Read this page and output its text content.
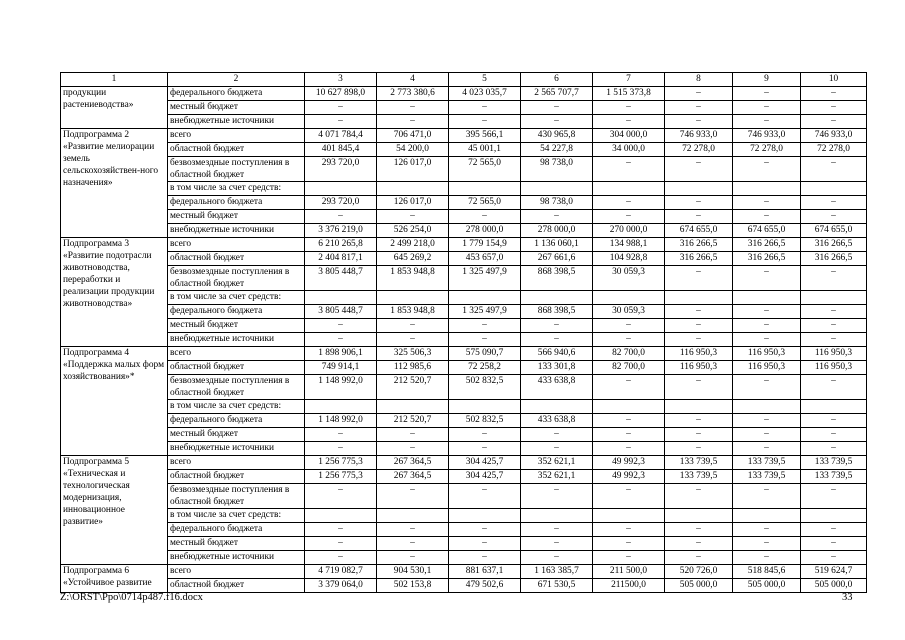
1	2	3	4	5	6	7	8	9	10
продукции растениеводства»	федерального бюджета	10 627 898,0	2 773 380,6	4 023 035,7	2 565 707,7	1 515 373,8	–	–	–
	местный бюджет	–	–	–	–	–	–	–	–
	внебюджетные источники	–	–	–	–	–	–	–	–
Подпрограмма 2 «Развитие мелиорации земель сельскохозяйствен-ного назначения»	всего	4 071 784,4	706 471,0	395 566,1	430 965,8	304 000,0	746 933,0	746 933,0	746 933,0
	областной бюджет	401 845,4	54 200,0	45 001,1	54 227,8	34 000,0	72 278,0	72 278,0	72 278,0
	безвозмездные поступления в областной бюджет	293 720,0	126 017,0	72 565,0	98 738,0	–	–	–	–
	в том числе за счет средств:								
	федерального бюджета	293 720,0	126 017,0	72 565,0	98 738,0	–	–	–	–
	местный бюджет	–	–	–	–	–	–	–	–
	внебюджетные источники	3 376 219,0	526 254,0	278 000,0	278 000,0	270 000,0	674 655,0	674 655,0	674 655,0
Подпрограмма 3 «Развитие подотрасли животноводства, переработки и реализации продукции животноводства»	всего	6 210 265,8	2 499 218,0	1 779 154,9	1 136 060,1	134 988,1	316 266,5	316 266,5	316 266,5
	областной бюджет	2 404 817,1	645 269,2	453 657,0	267 661,6	104 928,8	316 266,5	316 266,5	316 266,5
	безвозмездные поступления в областной бюджет	3 805 448,7	1 853 948,8	1 325 497,9	868 398,5	30 059,3	–	–	–
	в том числе за счет средств:								
	федерального бюджета	3 805 448,7	1 853 948,8	1 325 497,9	868 398,5	30 059,3	–	–	–
	местный бюджет	–	–	–	–	–	–	–	–
	внебюджетные источники	–	–	–	–	–	–	–	–
Подпрограмма 4 «Поддержка малых форм хозяйствования»*	всего	1 898 906,1	325 506,3	575 090,7	566 940,6	82 700,0	116 950,3	116 950,3	116 950,3
	областной бюджет	749 914,1	112 985,6	72 258,2	133 301,8	82 700,0	116 950,3	116 950,3	116 950,3
	безвозмездные поступления в областной бюджет	1 148 992,0	212 520,7	502 832,5	433 638,8	–	–	–	–
	в том числе за счет средств:								
	федерального бюджета	1 148 992,0	212 520,7	502 832,5	433 638,8	–	–	–	–
	местный бюджет	–	–	–	–	–	–	–	–
	внебюджетные источники	–	–	–	–	–	–	–	–
Подпрограмма 5 «Техническая и технологическая модернизация, инновационное развитие»	всего	1 256 775,3	267 364,5	304 425,7	352 621,1	49 992,3	133 739,5	133 739,5	133 739,5
	областной бюджет	1 256 775,3	267 364,5	304 425,7	352 621,1	49 992,3	133 739,5	133 739,5	133 739,5
	безвозмездные поступления в областной бюджет	–	–	–	–	–	–	–	–
	в том числе за счет средств:								
	федерального бюджета	–	–	–	–	–	–	–	–
	местный бюджет	–	–	–	–	–	–	–	–
	внебюджетные источники	–	–	–	–	–	–	–	–
Подпрограмма 6 «Устойчивое развитие	всего	4 719 082,7	904 530,1	881 637,1	1 163 385,7	211 500,0	520 726,0	518 845,6	519 624,7
	областной бюджет	3 379 064,0	502 153,8	479 502,6	671 530,5	211500,0	505 000,0	505 000,0	505 000,0
Z:\ORST\Ppo\0714p487.f16.docx	33
